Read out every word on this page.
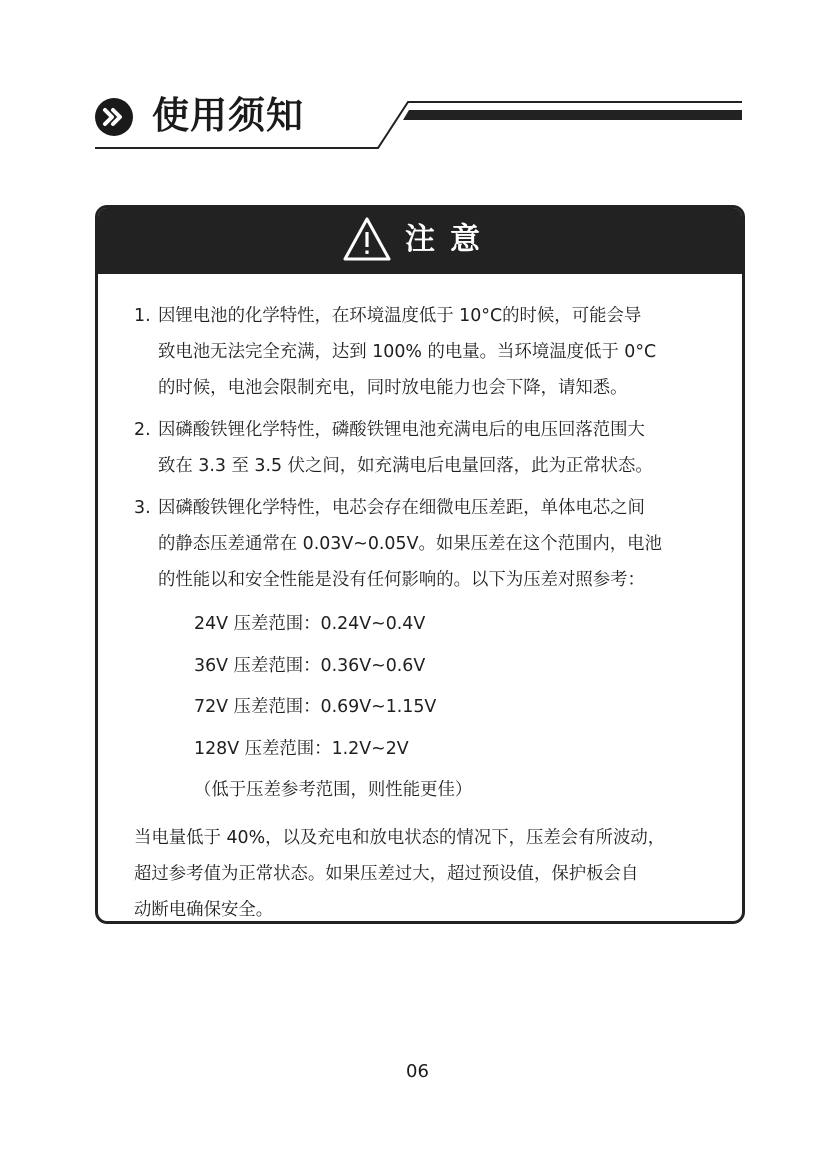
使用须知
注意
1. 因锂电池的化学特性，在环境温度低于 10°C的时候，可能会导
致电池无法完全充满，达到 100% 的电量。当环境温度低于 0°C
的时候，电池会限制充电，同时放电能力也会下降，请知悉。
2. 因磷酸铁锂化学特性，磷酸铁锂电池充满电后的电压回落范围大
致在 3.3 至 3.5 伏之间，如充满电后电量回落，此为正常状态。
3. 因磷酸铁锂化学特性，电芯会存在细微电压差距，单体电芯之间
的静态压差通常在 0.03V~0.05V。如果压差在这个范围内，电池
的性能以和安全性能是没有任何影响的。以下为压差对照参考：
24V 压差范围：0.24V~0.4V
36V 压差范围：0.36V~0.6V
72V 压差范围：0.69V~1.15V
128V 压差范围：1.2V~2V
（低于压差参考范围，则性能更佳）
当电量低于 40%，以及充电和放电状态的情况下，压差会有所波动，
超过参考值为正常状态。如果压差过大，超过预设值，保护板会自
动断电确保安全。
06
